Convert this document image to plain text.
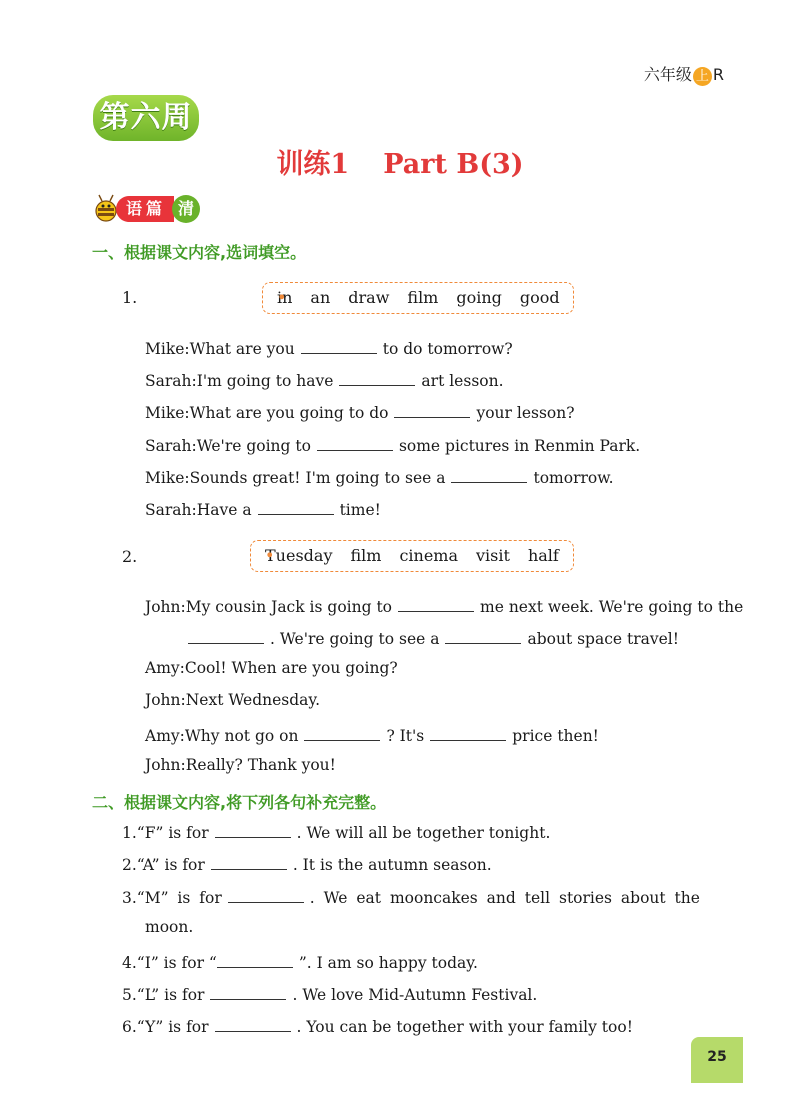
六年级 上 R
第六周
训练1 Part B(3)
语篇 清
一、根据课文内容,选词填空。
1.	• in an draw film going good
•
Mike:What are you	to do tomorrow?
Sarah:I'm going to have	art lesson.
Mike:What are you going to do	your lesson?
Sarah:We're going to	some pictures in Renmin Park.
Mike:Sounds great! I'm going to see a	tomorrow.
Sarah:Have a	time!
2.	• Tuesday film cinema visit half
•
John:My cousin Jack is going to	me next week. We're going to the
. We're going to see a	about space travel!
Amy:Cool! When are you going?
John:Next Wednesday.
Amy:Why not go on	? It's	price then!
John:Really? Thank you!
二、根据课文内容,将下列各句补充完整。
1.“F” is for	. We will all be together tonight.
2.“A” is for	. It is the autumn season.
3.“M” is for	. We eat mooncakes and tell stories about the
moon.
4.“I” is for “	”. I am so happy today.
5.“L” is for	. We love Mid-Autumn Festival.
6.“Y” is for	. You can be together with your family too!
25
